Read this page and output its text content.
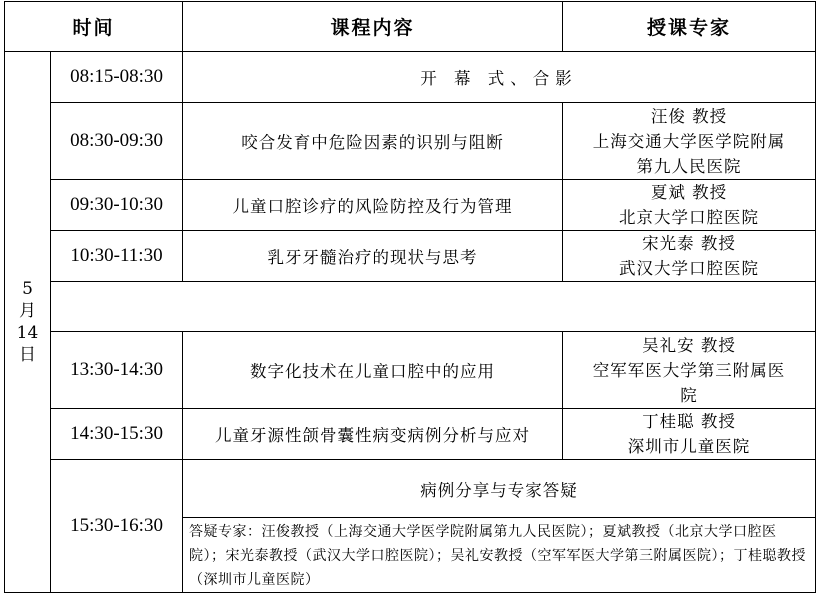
时间		课程内容	授课专家

5
月
14
日	08:15-08:30	开 幕 式、合影	
	08:30-09:30	咬合发育中危险因素的识别与阻断	汪俊 教授
上海交通大学医学院附属
第九人民医院

	09:30-10:30	儿童口腔诊疗的风险防控及行为管理	夏斌 教授
北京大学口腔医院

	10:30-11:30	乳牙牙髓治疗的现状与思考	宋光泰 教授
武汉大学口腔医院

	13:30-14:30	数字化技术在儿童口腔中的应用	吴礼安 教授
空军军医大学第三附属医
院

	14:30-15:30	儿童牙源性颌骨囊性病变病例分析与应对	丁桂聪 教授
深圳市儿童医院

	15:30-16:30	病例分享与专家答疑	
		答疑专家：汪俊教授（上海交通大学医学院附属第九人民医院）；夏斌教授（北京大学口腔医院）；宋光泰教授（武汉大学口腔医院）；吴礼安教授（空军军医大学第三附属医院）；丁桂聪教授（深圳市儿童医院）	
